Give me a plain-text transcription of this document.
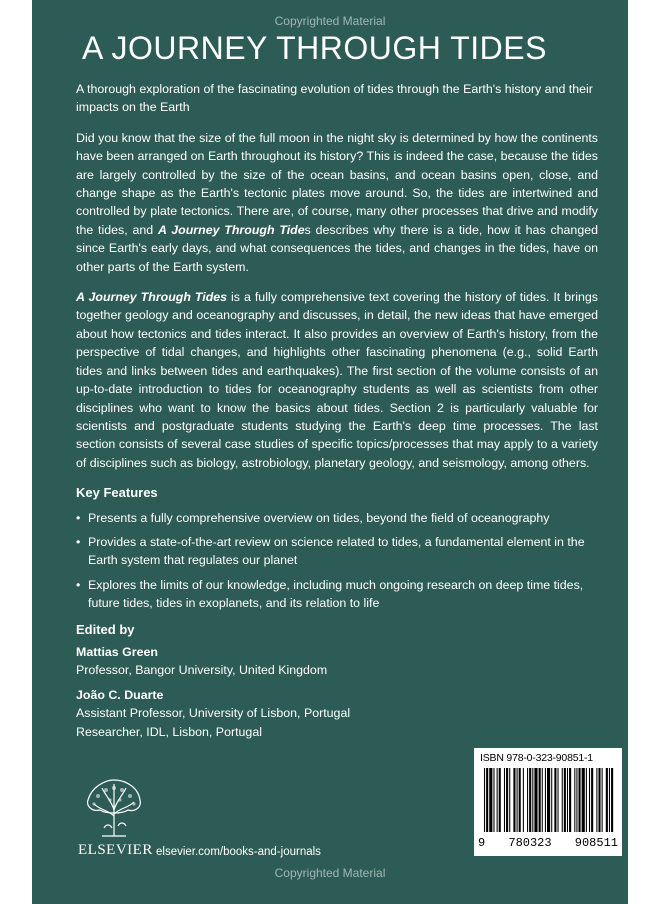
Copyrighted Material
A JOURNEY THROUGH TIDES

A thorough exploration of the fascinating evolution of tides through the Earth's history and their impacts on the Earth

Did you know that the size of the full moon in the night sky is determined by how the continents have been arranged on Earth throughout its history? This is indeed the case, because the tides are largely controlled by the size of the ocean basins, and ocean basins open, close, and change shape as the Earth's tectonic plates move around. So, the tides are intertwined and controlled by plate tectonics. There are, of course, many other processes that drive and modify the tides, and A Journey Through Tides describes why there is a tide, how it has changed since Earth's early days, and what consequences the tides, and changes in the tides, have on other parts of the Earth system.

A Journey Through Tides is a fully comprehensive text covering the history of tides. It brings together geology and oceanography and discusses, in detail, the new ideas that have emerged about how tectonics and tides interact. It also provides an overview of Earth's history, from the perspective of tidal changes, and highlights other fascinating phenomena (e.g., solid Earth tides and links between tides and earthquakes). The first section of the volume consists of an up-to-date introduction to tides for oceanography students as well as scientists from other disciplines who want to know the basics about tides. Section 2 is particularly valuable for scientists and postgraduate students studying the Earth's deep time processes. The last section consists of several case studies of specific topics/processes that may apply to a variety of disciplines such as biology, astrobiology, planetary geology, and seismology, among others.

Key Features
• Presents a fully comprehensive overview on tides, beyond the field of oceanography
• Provides a state-of-the-art review on science related to tides, a fundamental element in the Earth system that regulates our planet
• Explores the limits of our knowledge, including much ongoing research on deep time tides, future tides, tides in exoplanets, and its relation to life
Edited by
Mattias Green
Professor, Bangor University, United Kingdom
João C. Duarte
Assistant Professor, University of Lisbon, Portugal
Researcher, IDL, Lisbon, Portugal
ELSEVIER elsevier.com/books-and-journals
ISBN 978-0-323-90851-1
9 780323 908511
Copyrighted Material
